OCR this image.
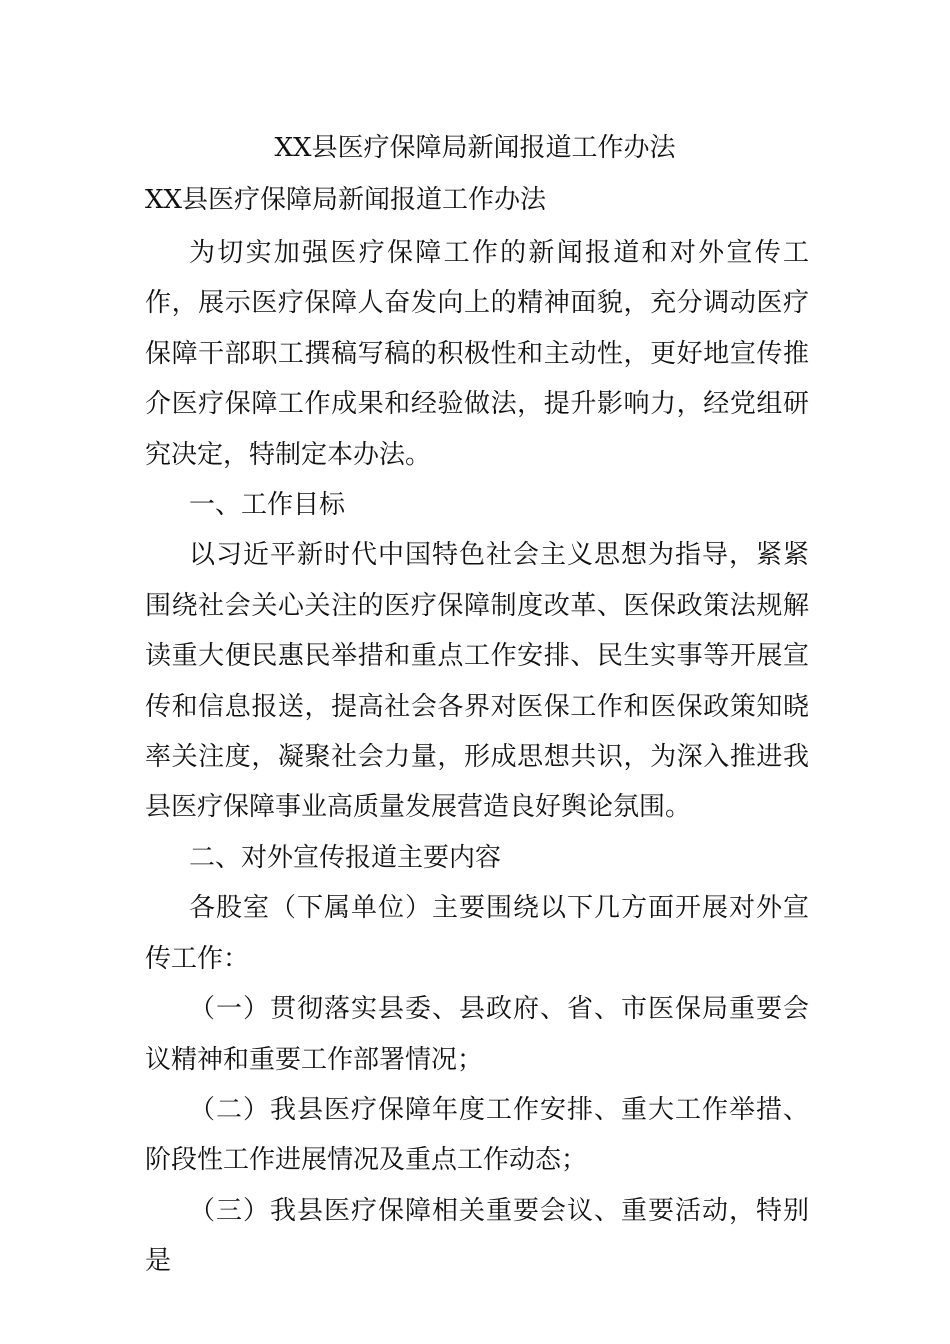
XX县医疗保障局新闻报道工作办法
XX县医疗保障局新闻报道工作办法

为切实加强医疗保障工作的新闻报道和对外宣传工作，展示医疗保障人奋发向上的精神面貌，充分调动医疗保障干部职工撰稿写稿的积极性和主动性，更好地宣传推介医疗保障工作成果和经验做法，提升影响力，经党组研究决定，特制定本办法。

一、工作目标

以习近平新时代中国特色社会主义思想为指导，紧紧围绕社会关心关注的医疗保障制度改革、医保政策法规解读重大便民惠民举措和重点工作安排、民生实事等开展宣传和信息报送，提高社会各界对医保工作和医保政策知晓率关注度，凝聚社会力量，形成思想共识，为深入推进我县医疗保障事业高质量发展营造良好舆论氛围。

二、对外宣传报道主要内容

各股室（下属单位）主要围绕以下几方面开展对外宣传工作：

（一）贯彻落实县委、县政府、省、市医保局重要会议精神和重要工作部署情况；

（二）我县医疗保障年度工作安排、重大工作举措、阶段性工作进展情况及重点工作动态；

（三）我县医疗保障相关重要会议、重要活动，特别是
